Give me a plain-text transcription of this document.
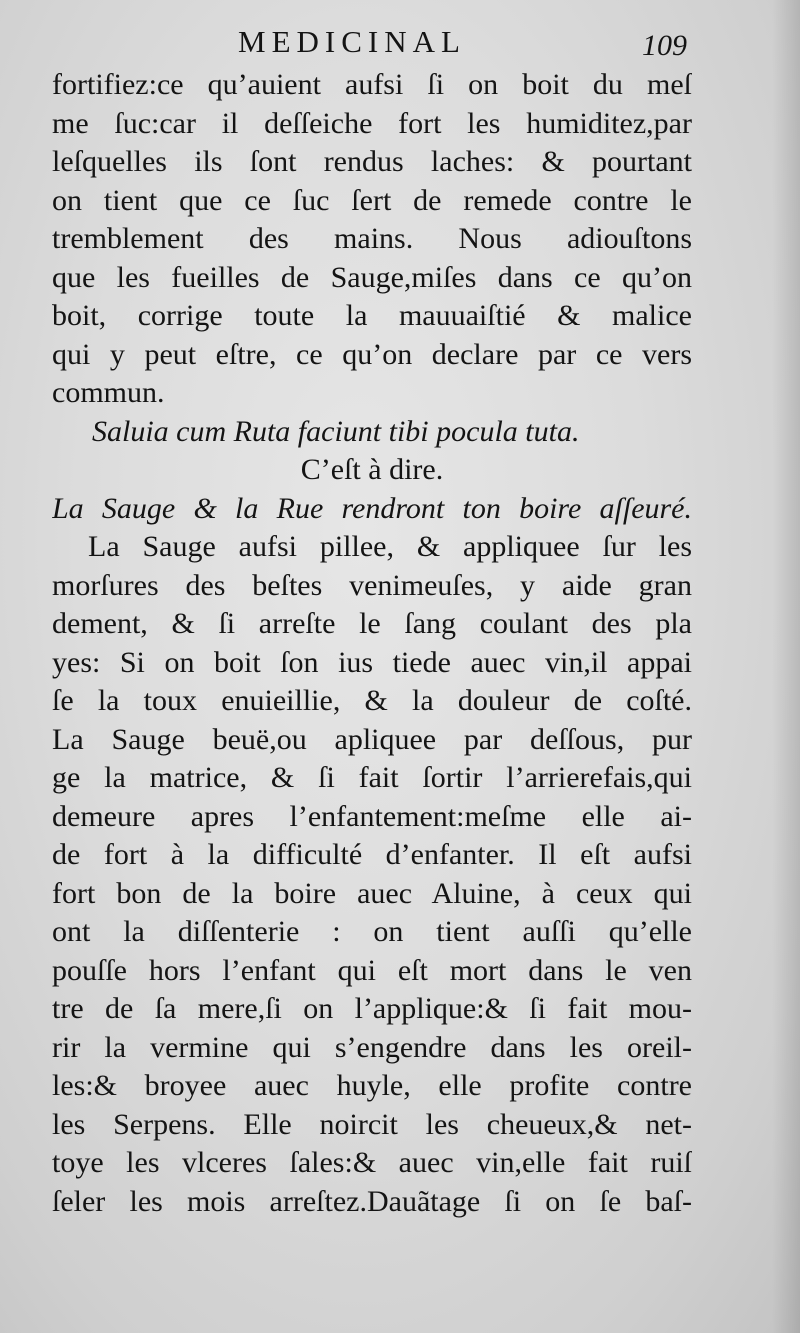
MEDICINAL	109
fortifiez:ce qu’auient aufsi ſi on boit du meſ
me ſuc:car il deſſeiche fort les humiditez,par
leſquelles ils ſont rendus laches: & pourtant
on tient que ce ſuc ſert de remede contre le
tremblement des mains. Nous adiouſtons
que les fueilles de Sauge,miſes dans ce qu’on
boit, corrige toute la mauuaiſtié & malice
qui y peut eſtre, ce qu’on declare par ce vers
commun.
Saluia cum Ruta faciunt tibi pocula tuta.
C’eſt à dire.
La Sauge & la Rue rendront ton boire aſſeuré.
La Sauge aufsi pillee, & appliquee ſur les
morſures des beſtes venimeuſes, y aide gran
dement, & ſi arreſte le ſang coulant des pla
yes: Si on boit ſon ius tiede auec vin,il appai
ſe la toux enuieillie, & la douleur de coſté.
La Sauge beuë,ou apliquee par deſſous, pur
ge la matrice, & ſi fait ſortir l’arrierefais,qui
demeure apres l’enfantement:meſme elle ai-
de fort à la difficulté d’enfanter. Il eſt aufsi
fort bon de la boire auec Aluine, à ceux qui
ont la diſſenterie : on tient auſſi qu’elle
pouſſe hors l’enfant qui eſt mort dans le ven
tre de ſa mere,ſi on l’applique:& ſi fait mou-
rir la vermine qui s’engendre dans les oreil-
les:& broyee auec huyle, elle profite contre
les Serpens. Elle noircit les cheueux,& net-
toye les vlceres ſales:& auec vin,elle fait ruiſ
ſeler les mois arreſtez.Dauãtage ſi on ſe baſ-
